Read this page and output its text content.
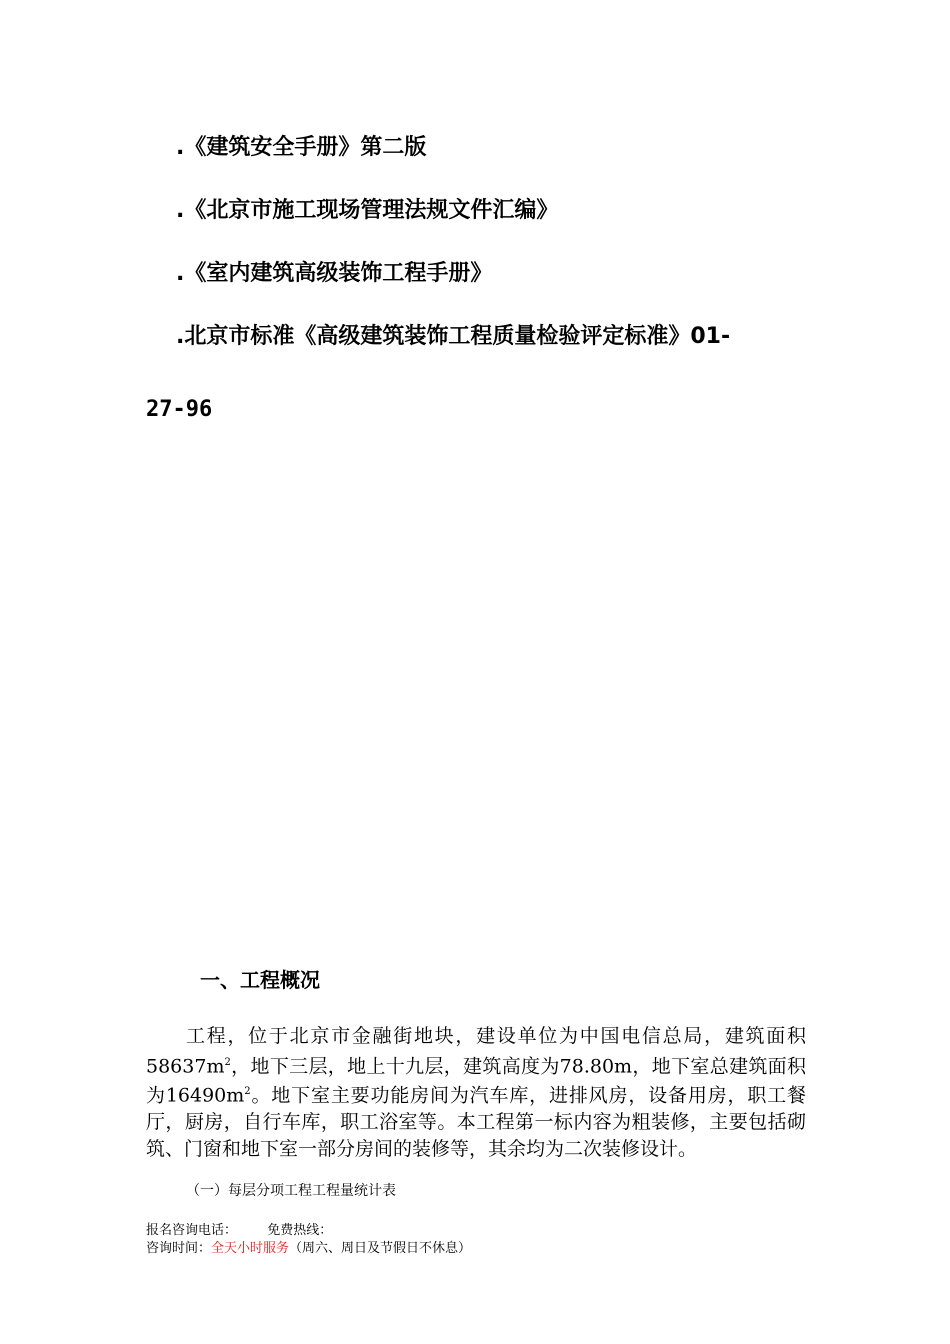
.《建筑安全手册》第二版
.《北京市施工现场管理法规文件汇编》
.《室内建筑高级装饰工程手册》
.北京市标准《高级建筑装饰工程质量检验评定标准》01-
27-96
一、工程概况
工程，位于北京市金融街地块，建设单位为中国电信总局，建筑面积$58637m^2$，地下三层，地上十九层，建筑高度为78.80m，地下室总建筑面积为$16490m^2$。地下室主要功能房间为汽车库，进排风房，设备用房，职工餐厅，厨房，自行车库，职工浴室等。本工程第一标内容为粗装修，主要包括砌筑、门窗和地下室一部分房间的装修等，其余均为二次装修设计。
（一）每层分项工程工程量统计表
报名咨询电话： 免费热线：
咨询时间：全天小时服务（周六、周日及节假日不休息）
